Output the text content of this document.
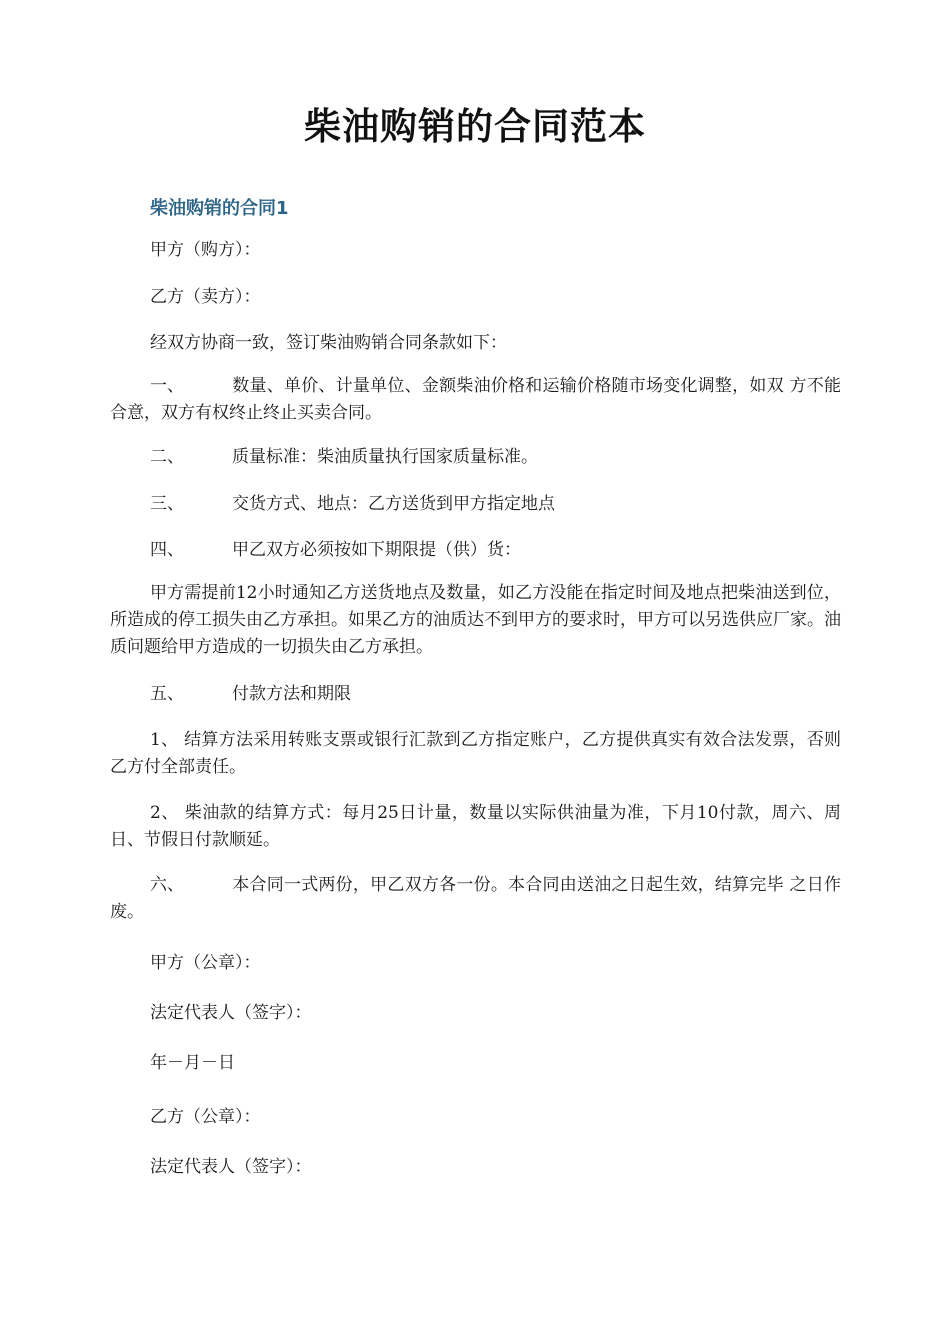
柴油购销的合同范本
柴油购销的合同1

甲方（购方）：

乙方（卖方）：

经双方协商一致，签订柴油购销合同条款如下：

一、	数量、单价、计量单位、金额柴油价格和运输价格随市场变化调整，如双 方不能合意，双方有权终止终止买卖合同。

二、	质量标准：柴油质量执行国家质量标准。

三、	交货方式、地点：乙方送货到甲方指定地点

四、	甲乙双方必须按如下期限提（供）货：

甲方需提前12小时通知乙方送货地点及数量，如乙方没能在指定时间及地点把柴油送到位，所造成的停工损失由乙方承担。如果乙方的油质达不到甲方的要求时，甲方可以另选供应厂家。油质问题给甲方造成的一切损失由乙方承担。

五、	付款方法和期限

1、 结算方法采用转账支票或银行汇款到乙方指定账户，乙方提供真实有效合法发票，否则乙方付全部责任。

2、 柴油款的结算方式：每月25日计量，数量以实际供油量为准，下月10付款，周六、周日、节假日付款顺延。

六、	本合同一式两份，甲乙双方各一份。本合同由送油之日起生效，结算完毕 之日作废。

甲方（公章）：

法定代表人（签字）：

年－月－日

乙方（公章）：

法定代表人（签字）：
